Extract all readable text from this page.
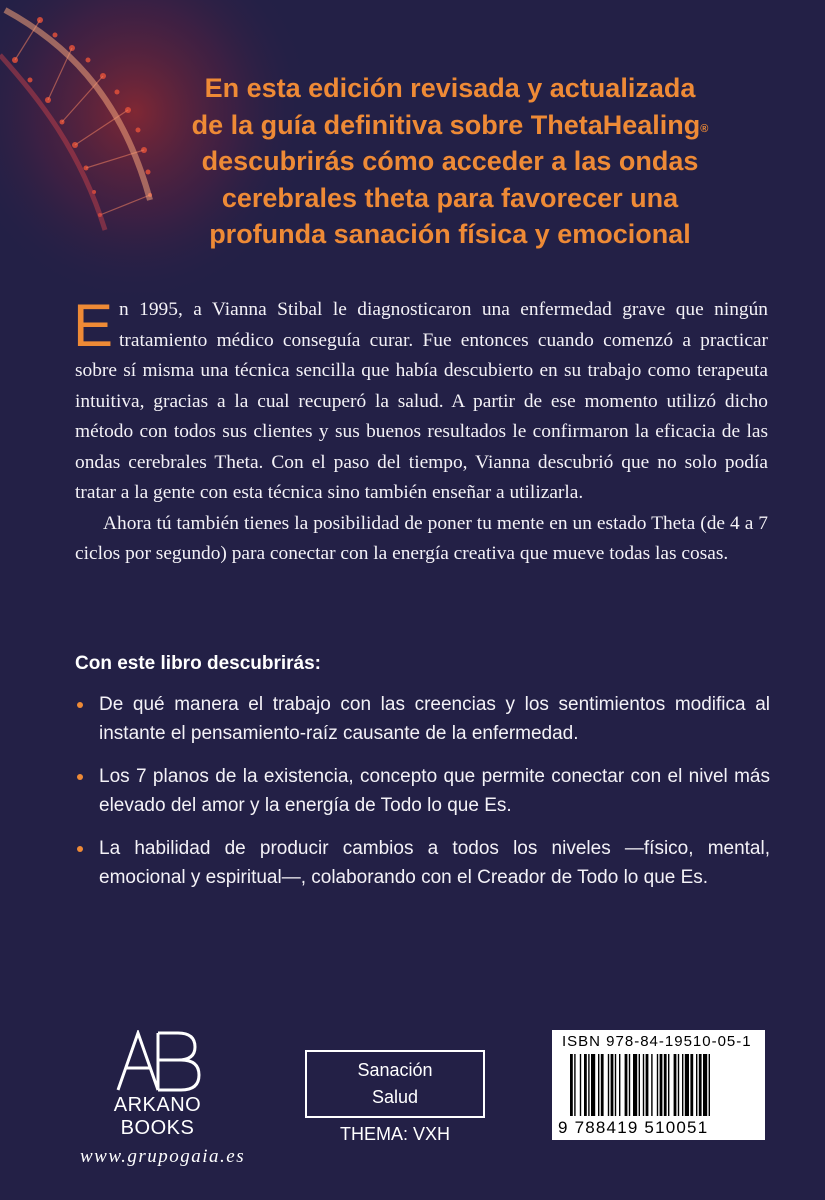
En esta edición revisada y actualizada
de la guía definitiva sobre ThetaHealing®
descubrirás cómo acceder a las ondas
cerebrales theta para favorecer una
profunda sanación física y emocional

En 1995, a Vianna Stibal le diagnosticaron una enfermedad grave que ningún tratamiento médico conseguía curar. Fue entonces cuando comenzó a practicar sobre sí misma una técnica sencilla que había descubierto en su trabajo como terapeuta intuitiva, gracias a la cual recuperó la salud. A partir de ese momento utilizó dicho método con todos sus clientes y sus buenos resultados le confirmaron la eficacia de las ondas cerebrales Theta. Con el paso del tiempo, Vianna descubrió que no solo podía tratar a la gente con esta técnica sino también enseñar a utilizarla.

Ahora tú también tienes la posibilidad de poner tu mente en un estado Theta (de 4 a 7 ciclos por segundo) para conectar con la energía creativa que mueve todas las cosas.

Con este libro descubrirás:
De qué manera el trabajo con las creencias y los sentimientos modifica al instante el pensamiento-raíz causante de la enfermedad.
Los 7 planos de la existencia, concepto que permite conectar con el nivel más elevado del amor y la energía de Todo lo que Es.
La habilidad de producir cambios a todos los niveles —físico, mental, emocional y espiritual—, colaborando con el Creador de Todo lo que Es.
ARKANO BOOKS
www.grupogaia.es
Sanación
Salud
THEMA: VXH
ISBN 978-84-19510-05-1
9 788419 510051
